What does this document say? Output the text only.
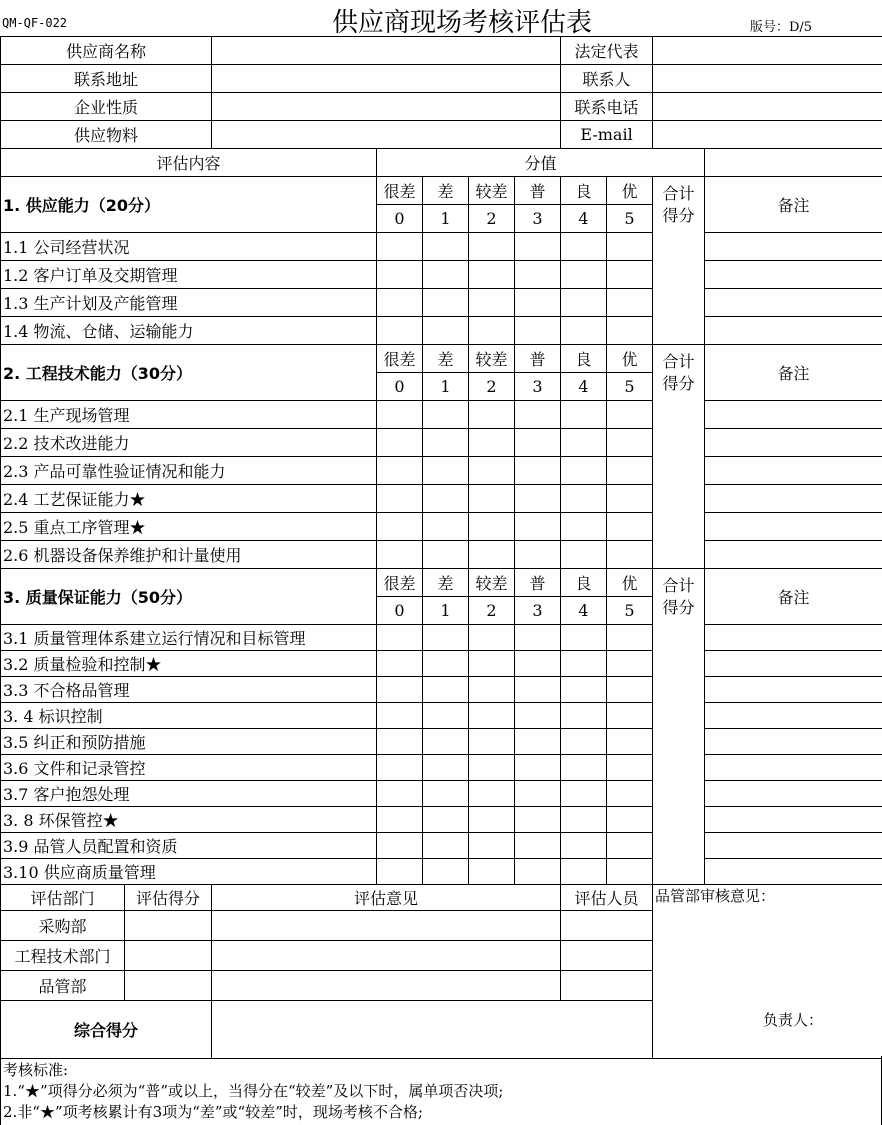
QM-QF-022	供应商现场考核评估表	版号：D/5
供应商名称							法定代表			
联系地址							联系人			
企业性质							联系电话			
供应物料							E-mail			
评估内容			分值							
1. 供应能力（20分）			很差	差	较差	普	良	优	合计得分	备注
			0	1	2	3	4	5		
1.1 公司经营状况										
1.2 客户订单及交期管理										
1.3 生产计划及产能管理										
1.4 物流、仓储、运输能力										
2. 工程技术能力（30分）			很差	差	较差	普	良	优	合计得分	备注
			0	1	2	3	4	5		
2.1 生产现场管理										
2.2 技术改进能力										
2.3 产品可靠性验证情况和能力										
2.4 工艺保证能力★										
2.5 重点工序管理★										
2.6 机器设备保养维护和计量使用										
3. 质量保证能力（50分）			很差	差	较差	普	良	优	合计得分	备注
			0	1	2	3	4	5		
3.1 质量管理体系建立运行情况和目标管理										
3.2 质量检验和控制★										
3.3 不合格品管理										
3. 4 标识控制										
3.5 纠正和预防措施										
3.6 文件和记录管控										
3.7 客户抱怨处理										
3. 8 环保管控★										
3.9 品管人员配置和资质										
3.10 供应商质量管理										
评估部门	评估得分	评估意见					评估人员		品管部审核意见：
负责人：	

采购部										
工程技术部门										
品管部										
综合得分										
考核标准:
1.“★”项得分必须为“普”或以上，当得分在“较差”及以下时，属单项否决项;
2.非“★”项考核累计有3项为“差”或“较差”时，现场考核不合格;
